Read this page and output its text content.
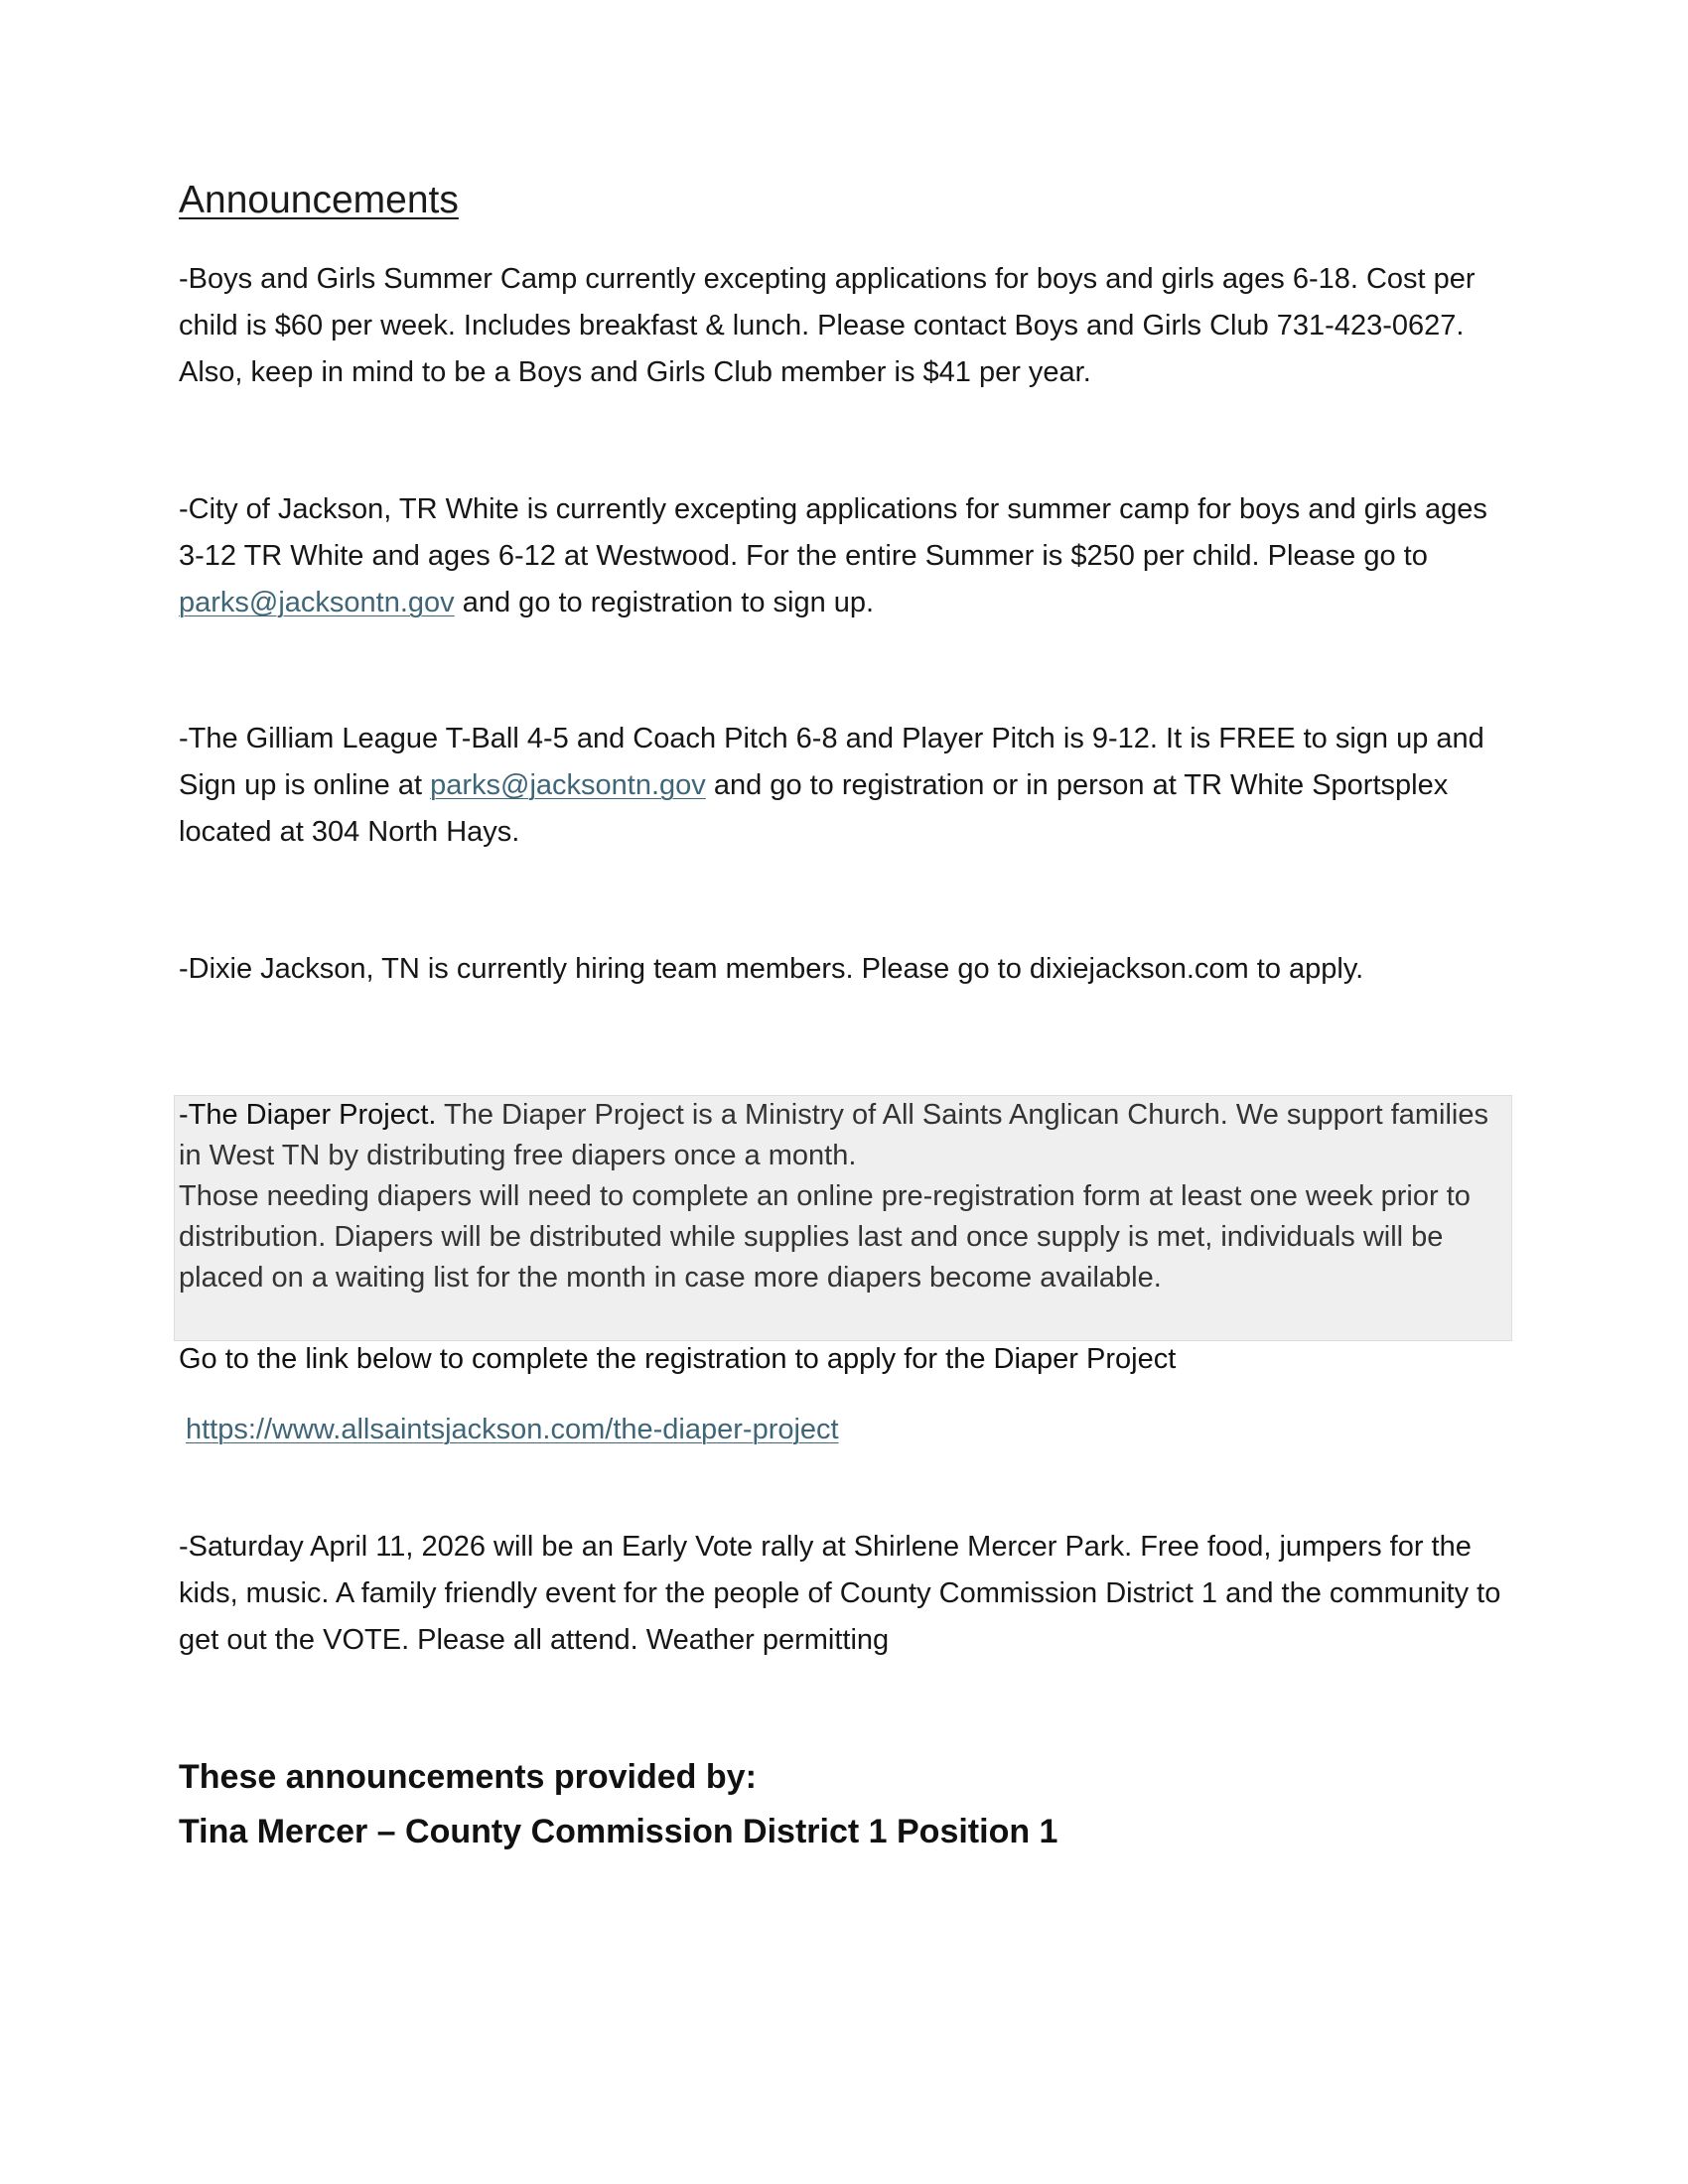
Announcements

-Boys and Girls Summer Camp currently excepting applications for boys and girls ages 6-18. Cost per child is $60 per week. Includes breakfast & lunch. Please contact Boys and Girls Club 731-423-0627. Also, keep in mind to be a Boys and Girls Club member is $41 per year.

-City of Jackson, TR White is currently excepting applications for summer camp for boys and girls ages 3-12 TR White and ages 6-12 at Westwood. For the entire Summer is $250 per child. Please go to parks@jacksontn.gov and go to registration to sign up.

-The Gilliam League T-Ball 4-5 and Coach Pitch 6-8 and Player Pitch is 9-12. It is FREE to sign up and Sign up is online at parks@jacksontn.gov and go to registration or in person at TR White Sportsplex located at 304 North Hays.

-Dixie Jackson, TN is currently hiring team members. Please go to dixiejackson.com to apply.

-The Diaper Project. The Diaper Project is a Ministry of All Saints Anglican Church. We support families in West TN by distributing free diapers once a month.
Those needing diapers will need to complete an online pre-registration form at least one week prior to distribution. Diapers will be distributed while supplies last and once supply is met, individuals will be placed on a waiting list for the month in case more diapers become available.

Go to the link below to complete the registration to apply for the Diaper Project

https://www.allsaintsjackson.com/the-diaper-project

-Saturday April 11, 2026 will be an Early Vote rally at Shirlene Mercer Park. Free food, jumpers for the kids, music. A family friendly event for the people of County Commission District 1 and the community to get out the VOTE. Please all attend. Weather permitting

These announcements provided by:

Tina Mercer – County Commission District 1 Position 1
